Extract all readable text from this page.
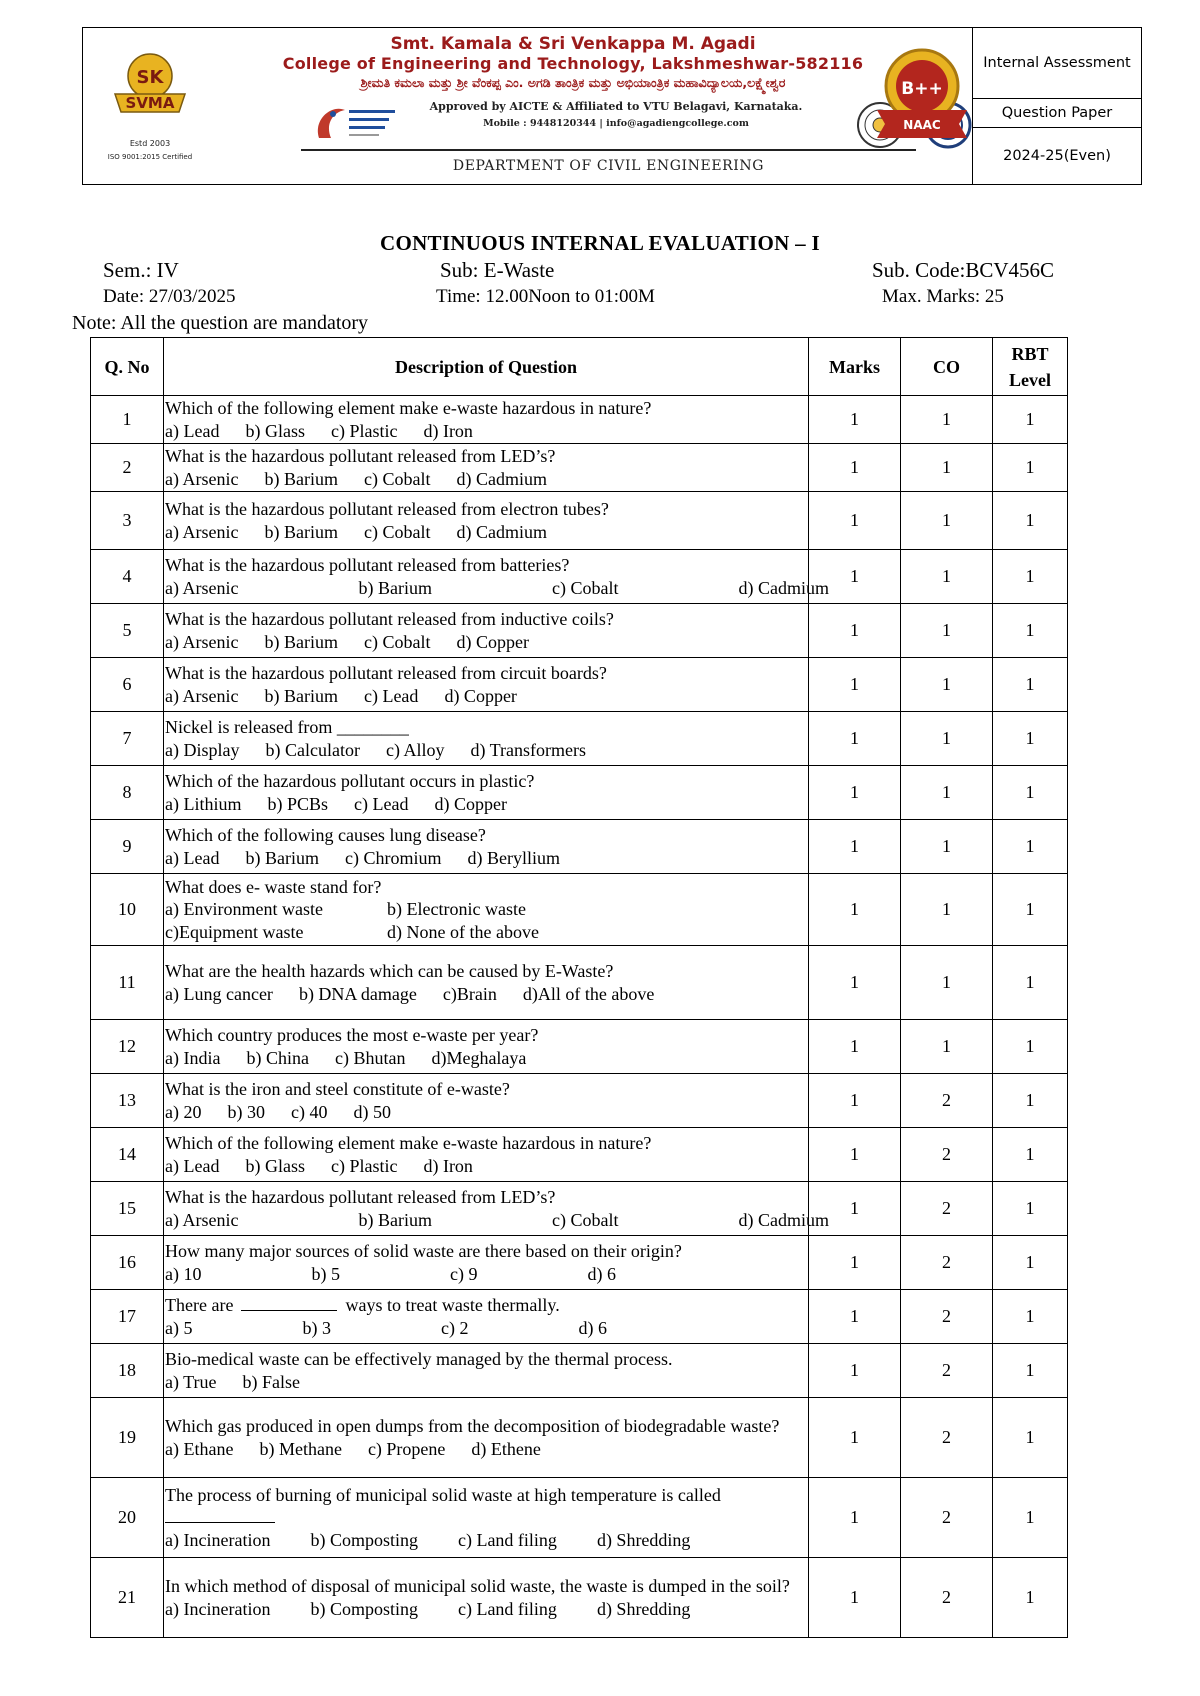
SK
SVMA
Estd 2003
ISO 9001:2015 Certified
Smt. Kamala & Sri Venkappa M. Agadi
College of Engineering and Technology, Lakshmeshwar-582116
ಶ್ರೀಮತಿ ಕಮಲಾ ಮತ್ತು ಶ್ರೀ ವೆಂಕಪ್ಪ ಎಂ. ಅಗಡಿ ತಾಂತ್ರಿಕ ಮತ್ತು ಅಭಿಯಾಂತ್ರಿಕ ಮಹಾವಿದ್ಯಾಲಯ,ಲಕ್ಷ್ಮೇಶ್ವರ
Approved by AICTE & Affiliated to VTU Belagavi, Karnataka.
Mobile : 9448120344 | info@agadiengcollege.com
DEPARTMENT OF CIVIL ENGINEERING
B++
NAAC
Internal Assessment
Question Paper
2024-25(Even)
CONTINUOUS INTERNAL EVALUATION – I
Sem.: IV	Sub: E-Waste	Sub. Code:BCV456C
Date: 27/03/2025	Time: 12.00Noon to 01:00M	Max. Marks: 25
Note: All the question are mandatory
Q. No	Description of Question	Marks	CO	RBT Level
1	Which of the following element make e-waste hazardous in nature?
a) Lead b) Glass c) Plastic d) Iron	1	1	1
2	What is the hazardous pollutant released from LED’s?
a) Arsenic b) Barium c) Cobalt d) Cadmium	1	1	1
3	What is the hazardous pollutant released from electron tubes?
a) Arsenic b) Barium c) Cobalt d) Cadmium	1	1	1
4	What is the hazardous pollutant released from batteries?
a) Arsenic b) Barium c) Cobalt d) Cadmium	1	1	1
5	What is the hazardous pollutant released from inductive coils?
a) Arsenic b) Barium c) Cobalt d) Copper	1	1	1
6	What is the hazardous pollutant released from circuit boards?
a) Arsenic b) Barium c) Lead d) Copper	1	1	1
7	Nickel is released from ________
a) Display b) Calculator c) Alloy d) Transformers	1	1	1
8	Which of the hazardous pollutant occurs in plastic?
a) Lithium b) PCBs c) Lead d) Copper	1	1	1
9	Which of the following causes lung disease?
a) Lead b) Barium c) Chromium d) Beryllium	1	1	1
10	What does e- waste stand for?
a) Environment waste b) Electronic waste
c)Equipment waste d) None of the above	1	1	1
11	What are the health hazards which can be caused by E-Waste?
a) Lung cancer b) DNA damage c)Brain d)All of the above	1	1	1
12	Which country produces the most e-waste per year?
a) India b) China c) Bhutan d)Meghalaya	1	1	1
13	What is the iron and steel constitute of e-waste?
a) 20 b) 30 c) 40 d) 50	1	2	1
14	Which of the following element make e-waste hazardous in nature?
a) Lead b) Glass c) Plastic d) Iron	1	2	1
15	What is the hazardous pollutant released from LED’s?
a) Arsenic b) Barium c) Cobalt d) Cadmium	1	2	1
16	How many major sources of solid waste are there based on their origin?
a) 10 b) 5 c) 9 d) 6	1	2	1
17	There are ways to treat waste thermally.
a) 5 b) 3 c) 2 d) 6	1	2	1
18	Bio-medical waste can be effectively managed by the thermal process.
a) True b) False	1	2	1
19	Which gas produced in open dumps from the decomposition of biodegradable waste?
a) Ethane b) Methane c) Propene d) Ethene	1	2	1
20	The process of burning of municipal solid waste at high temperature is called
a) Incineration b) Composting c) Land filing d) Shredding	1	2	1
21	In which method of disposal of municipal solid waste, the waste is dumped in the soil?
a) Incineration b) Composting c) Land filing d) Shredding	1	2	1
